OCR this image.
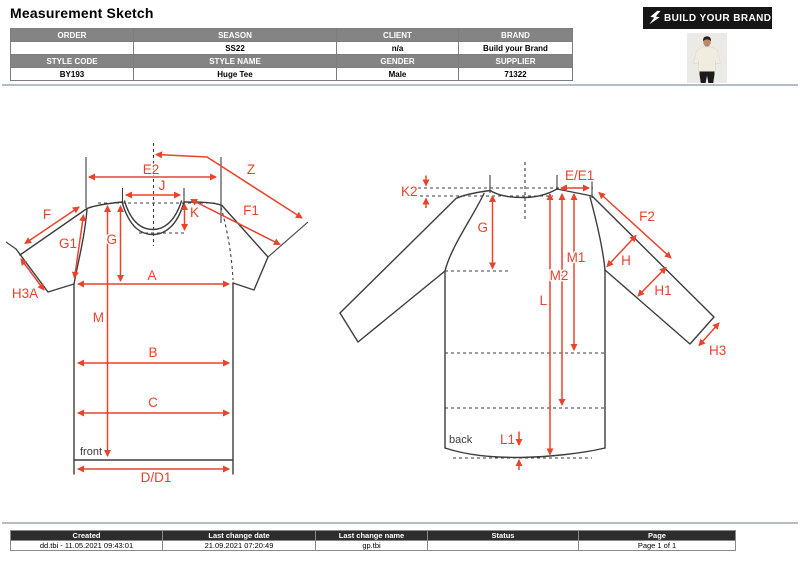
Measurement Sketch
ORDER	SEASON	CLIENT	BRAND
	SS22	n/a	Build your Brand
STYLE CODE	STYLE NAME	GENDER	SUPPLIER
BY193	Huge Tee	Male	71322
BUILD YOUR BRAND
E2	Z
J
F	F1
K
G
G1
A
H3A
M
B
C
D/D1
front
K2
E/E1
G
F2
M1
M2
L
H
H1
H3
L1
back
Created	Last change date	Last change name	Status	Page
dd.tbi - 11.05.2021 09:43:01	21.09.2021 07:20:49	gp.tbi		Page 1 of 1
